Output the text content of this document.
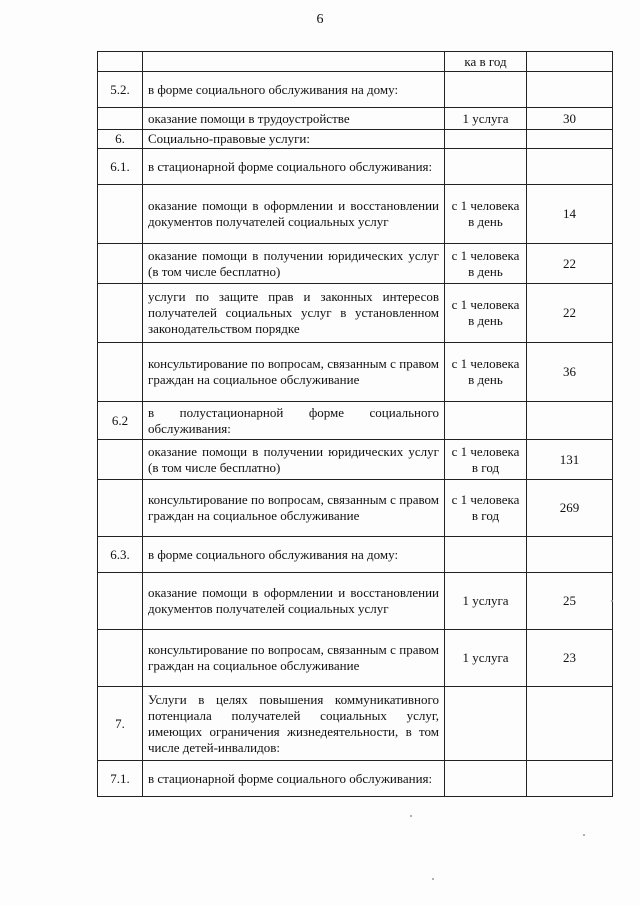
6
		ка в год	
5.2.	в форме социального обслуживания на дому:		
	оказание помощи в трудоустройстве	1 услуга	30
6.	Социально-правовые услуги:		
6.1.	в стационарной форме социального обслуживания:		
	оказание помощи в оформлении и восстановлении документов получателей социальных услуг	с 1 человека в день	14
	оказание помощи в получении юридических услуг (в том числе бесплатно)	с 1 человека в день	22
	услуги по защите прав и законных интересов получателей социальных услуг в установленном законодательством порядке	с 1 человека в день	22
	консультирование по вопросам, связанным с правом граждан на социальное обслуживание	с 1 человека в день	36
6.2	в полустационарной форме социального обслуживания:		
	оказание помощи в получении юридических услуг (в том числе бесплатно)	с 1 человека в год	131
	консультирование по вопросам, связанным с правом граждан на социальное обслуживание	с 1 человека в год	269
6.3.	в форме социального обслуживания на дому:		
	оказание помощи в оформлении и восстановлении документов получателей социальных услуг	1 услуга	25
	консультирование по вопросам, связанным с правом граждан на социальное обслуживание	1 услуга	23
7.	Услуги в целях повышения коммуникативного потенциала получателей социальных услуг, имеющих ограничения жизнедеятельности, в том числе детей-инвалидов:		
7.1.	в стационарной форме социального обслуживания:		
